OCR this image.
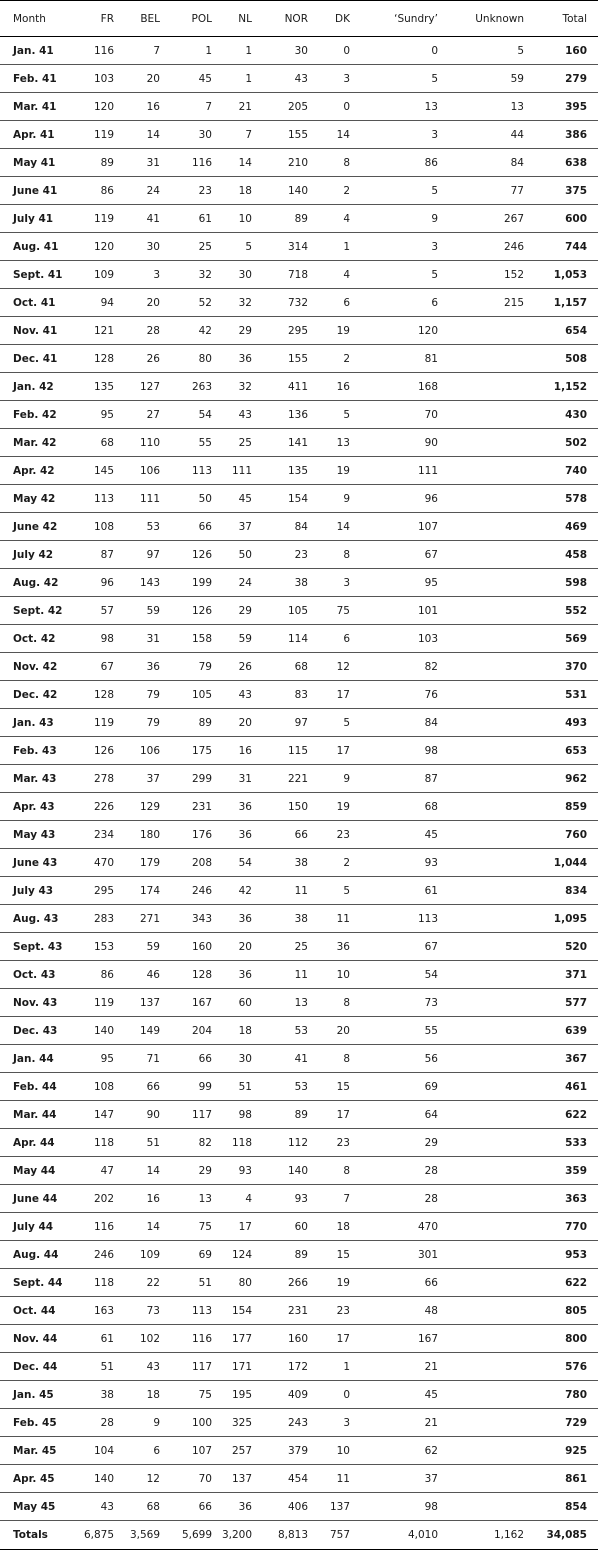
Month	FR	BEL	POL	NL	NOR	DK	‘Sundry’	Unknown	Total
Jan. 41	116	7	1	1	30	0	0	5	160
Feb. 41	103	20	45	1	43	3	5	59	279
Mar. 41	120	16	7	21	205	0	13	13	395
Apr. 41	119	14	30	7	155	14	3	44	386
May 41	89	31	116	14	210	8	86	84	638
June 41	86	24	23	18	140	2	5	77	375
July 41	119	41	61	10	89	4	9	267	600
Aug. 41	120	30	25	5	314	1	3	246	744
Sept. 41	109	3	32	30	718	4	5	152	1,053
Oct. 41	94	20	52	32	732	6	6	215	1,157
Nov. 41	121	28	42	29	295	19	120		654
Dec. 41	128	26	80	36	155	2	81		508
Jan. 42	135	127	263	32	411	16	168		1,152
Feb. 42	95	27	54	43	136	5	70		430
Mar. 42	68	110	55	25	141	13	90		502
Apr. 42	145	106	113	111	135	19	111		740
May 42	113	111	50	45	154	9	96		578
June 42	108	53	66	37	84	14	107		469
July 42	87	97	126	50	23	8	67		458
Aug. 42	96	143	199	24	38	3	95		598
Sept. 42	57	59	126	29	105	75	101		552
Oct. 42	98	31	158	59	114	6	103		569
Nov. 42	67	36	79	26	68	12	82		370
Dec. 42	128	79	105	43	83	17	76		531
Jan. 43	119	79	89	20	97	5	84		493
Feb. 43	126	106	175	16	115	17	98		653
Mar. 43	278	37	299	31	221	9	87		962
Apr. 43	226	129	231	36	150	19	68		859
May 43	234	180	176	36	66	23	45		760
June 43	470	179	208	54	38	2	93		1,044
July 43	295	174	246	42	11	5	61		834
Aug. 43	283	271	343	36	38	11	113		1,095
Sept. 43	153	59	160	20	25	36	67		520
Oct. 43	86	46	128	36	11	10	54		371
Nov. 43	119	137	167	60	13	8	73		577
Dec. 43	140	149	204	18	53	20	55		639
Jan. 44	95	71	66	30	41	8	56		367
Feb. 44	108	66	99	51	53	15	69		461
Mar. 44	147	90	117	98	89	17	64		622
Apr. 44	118	51	82	118	112	23	29		533
May 44	47	14	29	93	140	8	28		359
June 44	202	16	13	4	93	7	28		363
July 44	116	14	75	17	60	18	470		770
Aug. 44	246	109	69	124	89	15	301		953
Sept. 44	118	22	51	80	266	19	66		622
Oct. 44	163	73	113	154	231	23	48		805
Nov. 44	61	102	116	177	160	17	167		800
Dec. 44	51	43	117	171	172	1	21		576
Jan. 45	38	18	75	195	409	0	45		780
Feb. 45	28	9	100	325	243	3	21		729
Mar. 45	104	6	107	257	379	10	62		925
Apr. 45	140	12	70	137	454	11	37		861
May 45	43	68	66	36	406	137	98		854
Totals	6,875	3,569	5,699	3,200	8,813	757	4,010	1,162	34,085
